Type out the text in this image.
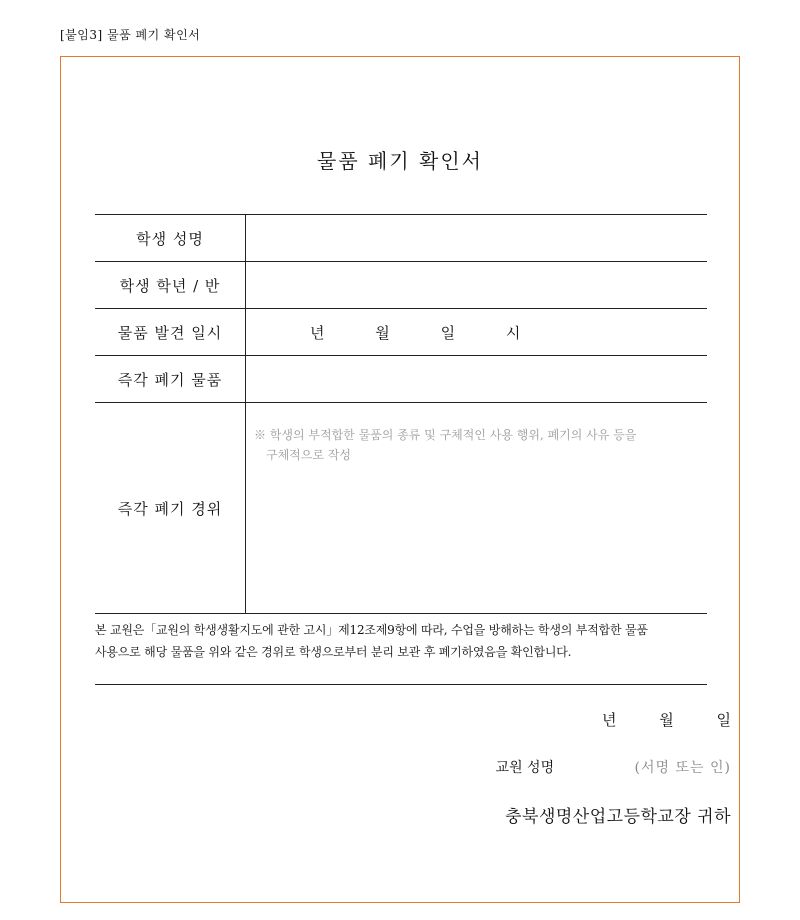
[붙임3] 물품 폐기 확인서
물품 폐기 확인서
학생 성명	
학생 학년 / 반	
물품 발견 일시	년 월 일 시
즉각 폐기 물품	
즉각 폐기 경위	※ 학생의 부적합한 물품의 종류 및 구체적인 사용 행위, 폐기의 사유 등을
구체적으로 작성
본 교원은「교원의 학생생활지도에 관한 고시」제12조제9항에 따라, 수업을 방해하는 학생의 부적합한 물품
사용으로 해당 물품을 위와 같은 경위로 학생으로부터 분리 보관 후 폐기하였음을 확인합니다.
년	월	일
교원 성명	(서명 또는 인)
충북생명산업고등학교장 귀하
